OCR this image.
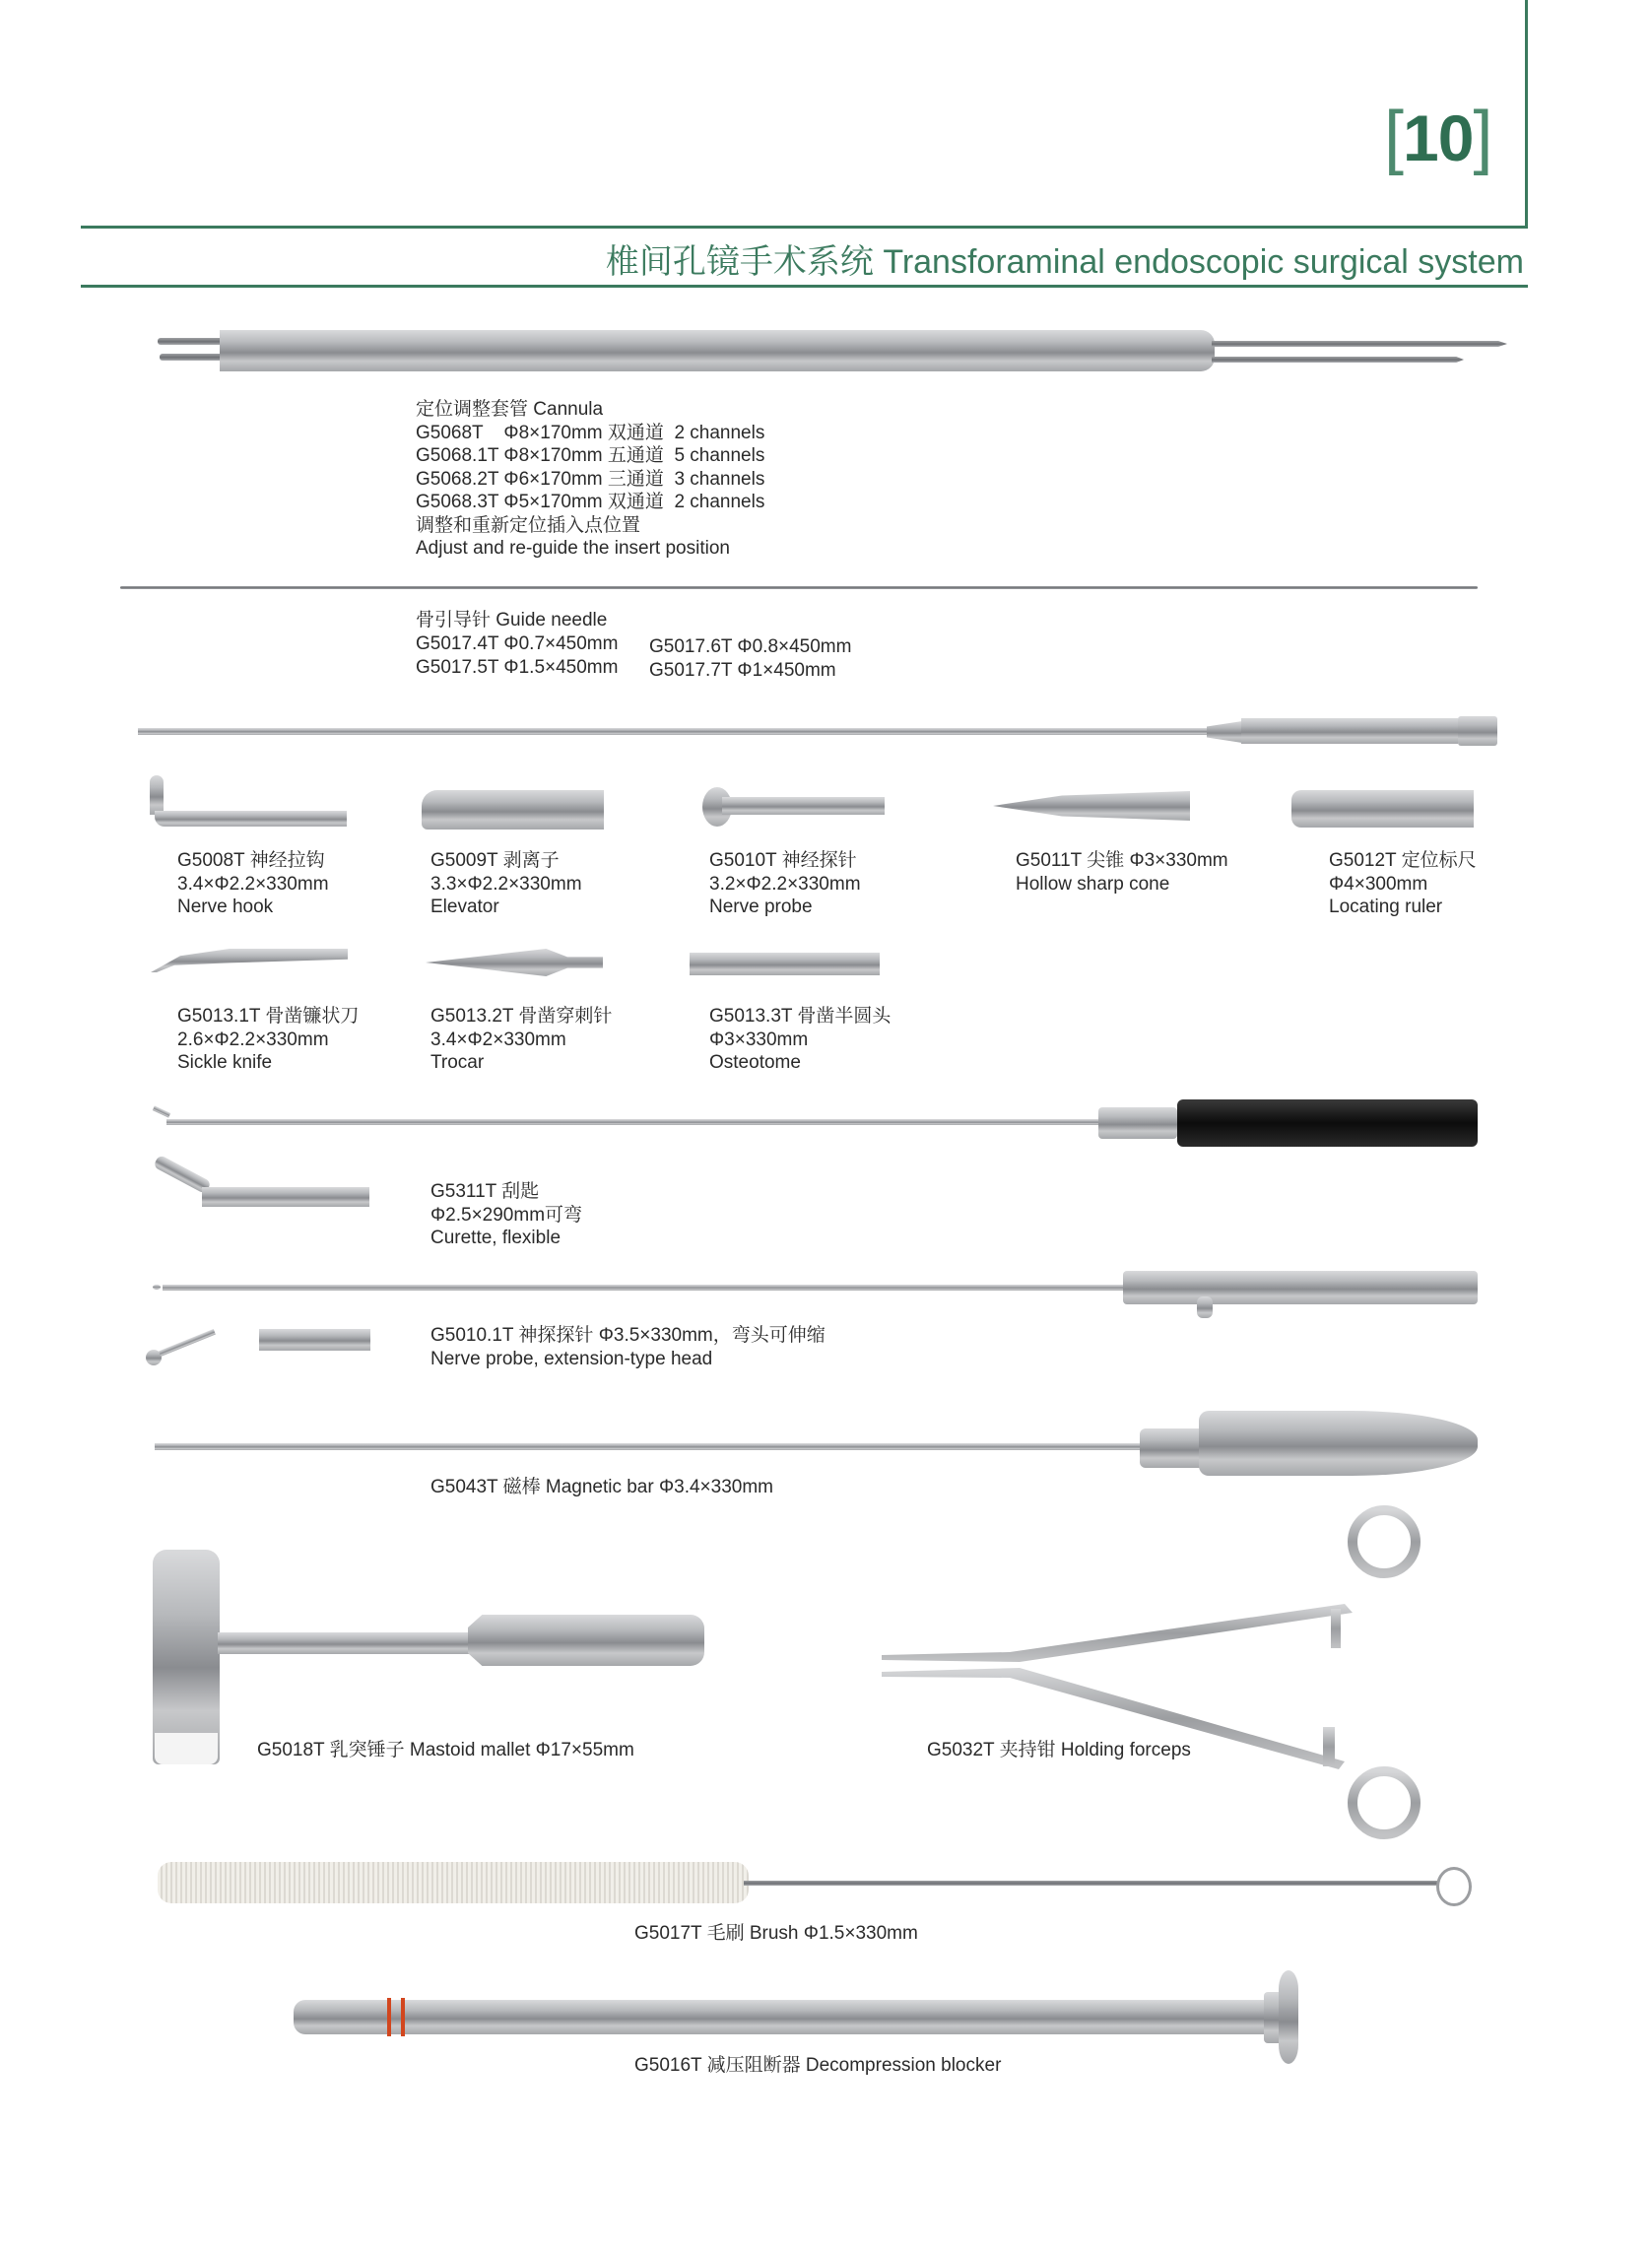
[10]
椎间孔镜手术系统 Transforaminal endoscopic surgical system
定位调整套管 Cannula
G5068T    Φ8×170mm 双通道  2 channels
G5068.1T Φ8×170mm 五通道  5 channels
G5068.2T Φ6×170mm 三通道  3 channels
G5068.3T Φ5×170mm 双通道  2 channels
调整和重新定位插入点位置
Adjust and re-guide the insert position
骨引导针 Guide needle
G5017.4T Φ0.7×450mm
G5017.5T Φ1.5×450mm
G5017.6T Φ0.8×450mm
G5017.7T Φ1×450mm
G5008T 神经拉钩
3.4×Φ2.2×330mm
Nerve hook
G5009T 剥离子
3.3×Φ2.2×330mm
Elevator
G5010T 神经探针
3.2×Φ2.2×330mm
Nerve probe
G5011T 尖锥 Φ3×330mm
Hollow sharp cone
G5012T 定位标尺
Φ4×300mm
Locating ruler
G5013.1T 骨凿镰状刀
2.6×Φ2.2×330mm
Sickle knife
G5013.2T 骨凿穿刺针
3.4×Φ2×330mm
Trocar
G5013.3T 骨凿半圆头
Φ3×330mm
Osteotome
G5311T 刮匙
Φ2.5×290mm可弯
Curette, flexible
G5010.1T 神探探针 Φ3.5×330mm，弯头可伸缩
Nerve probe, extension-type head
G5043T 磁棒 Magnetic bar Φ3.4×330mm
G5018T 乳突锤子 Mastoid mallet Φ17×55mm	G5032T 夹持钳 Holding forceps
G5017T 毛刷 Brush Φ1.5×330mm
G5016T 减压阻断器 Decompression blocker
